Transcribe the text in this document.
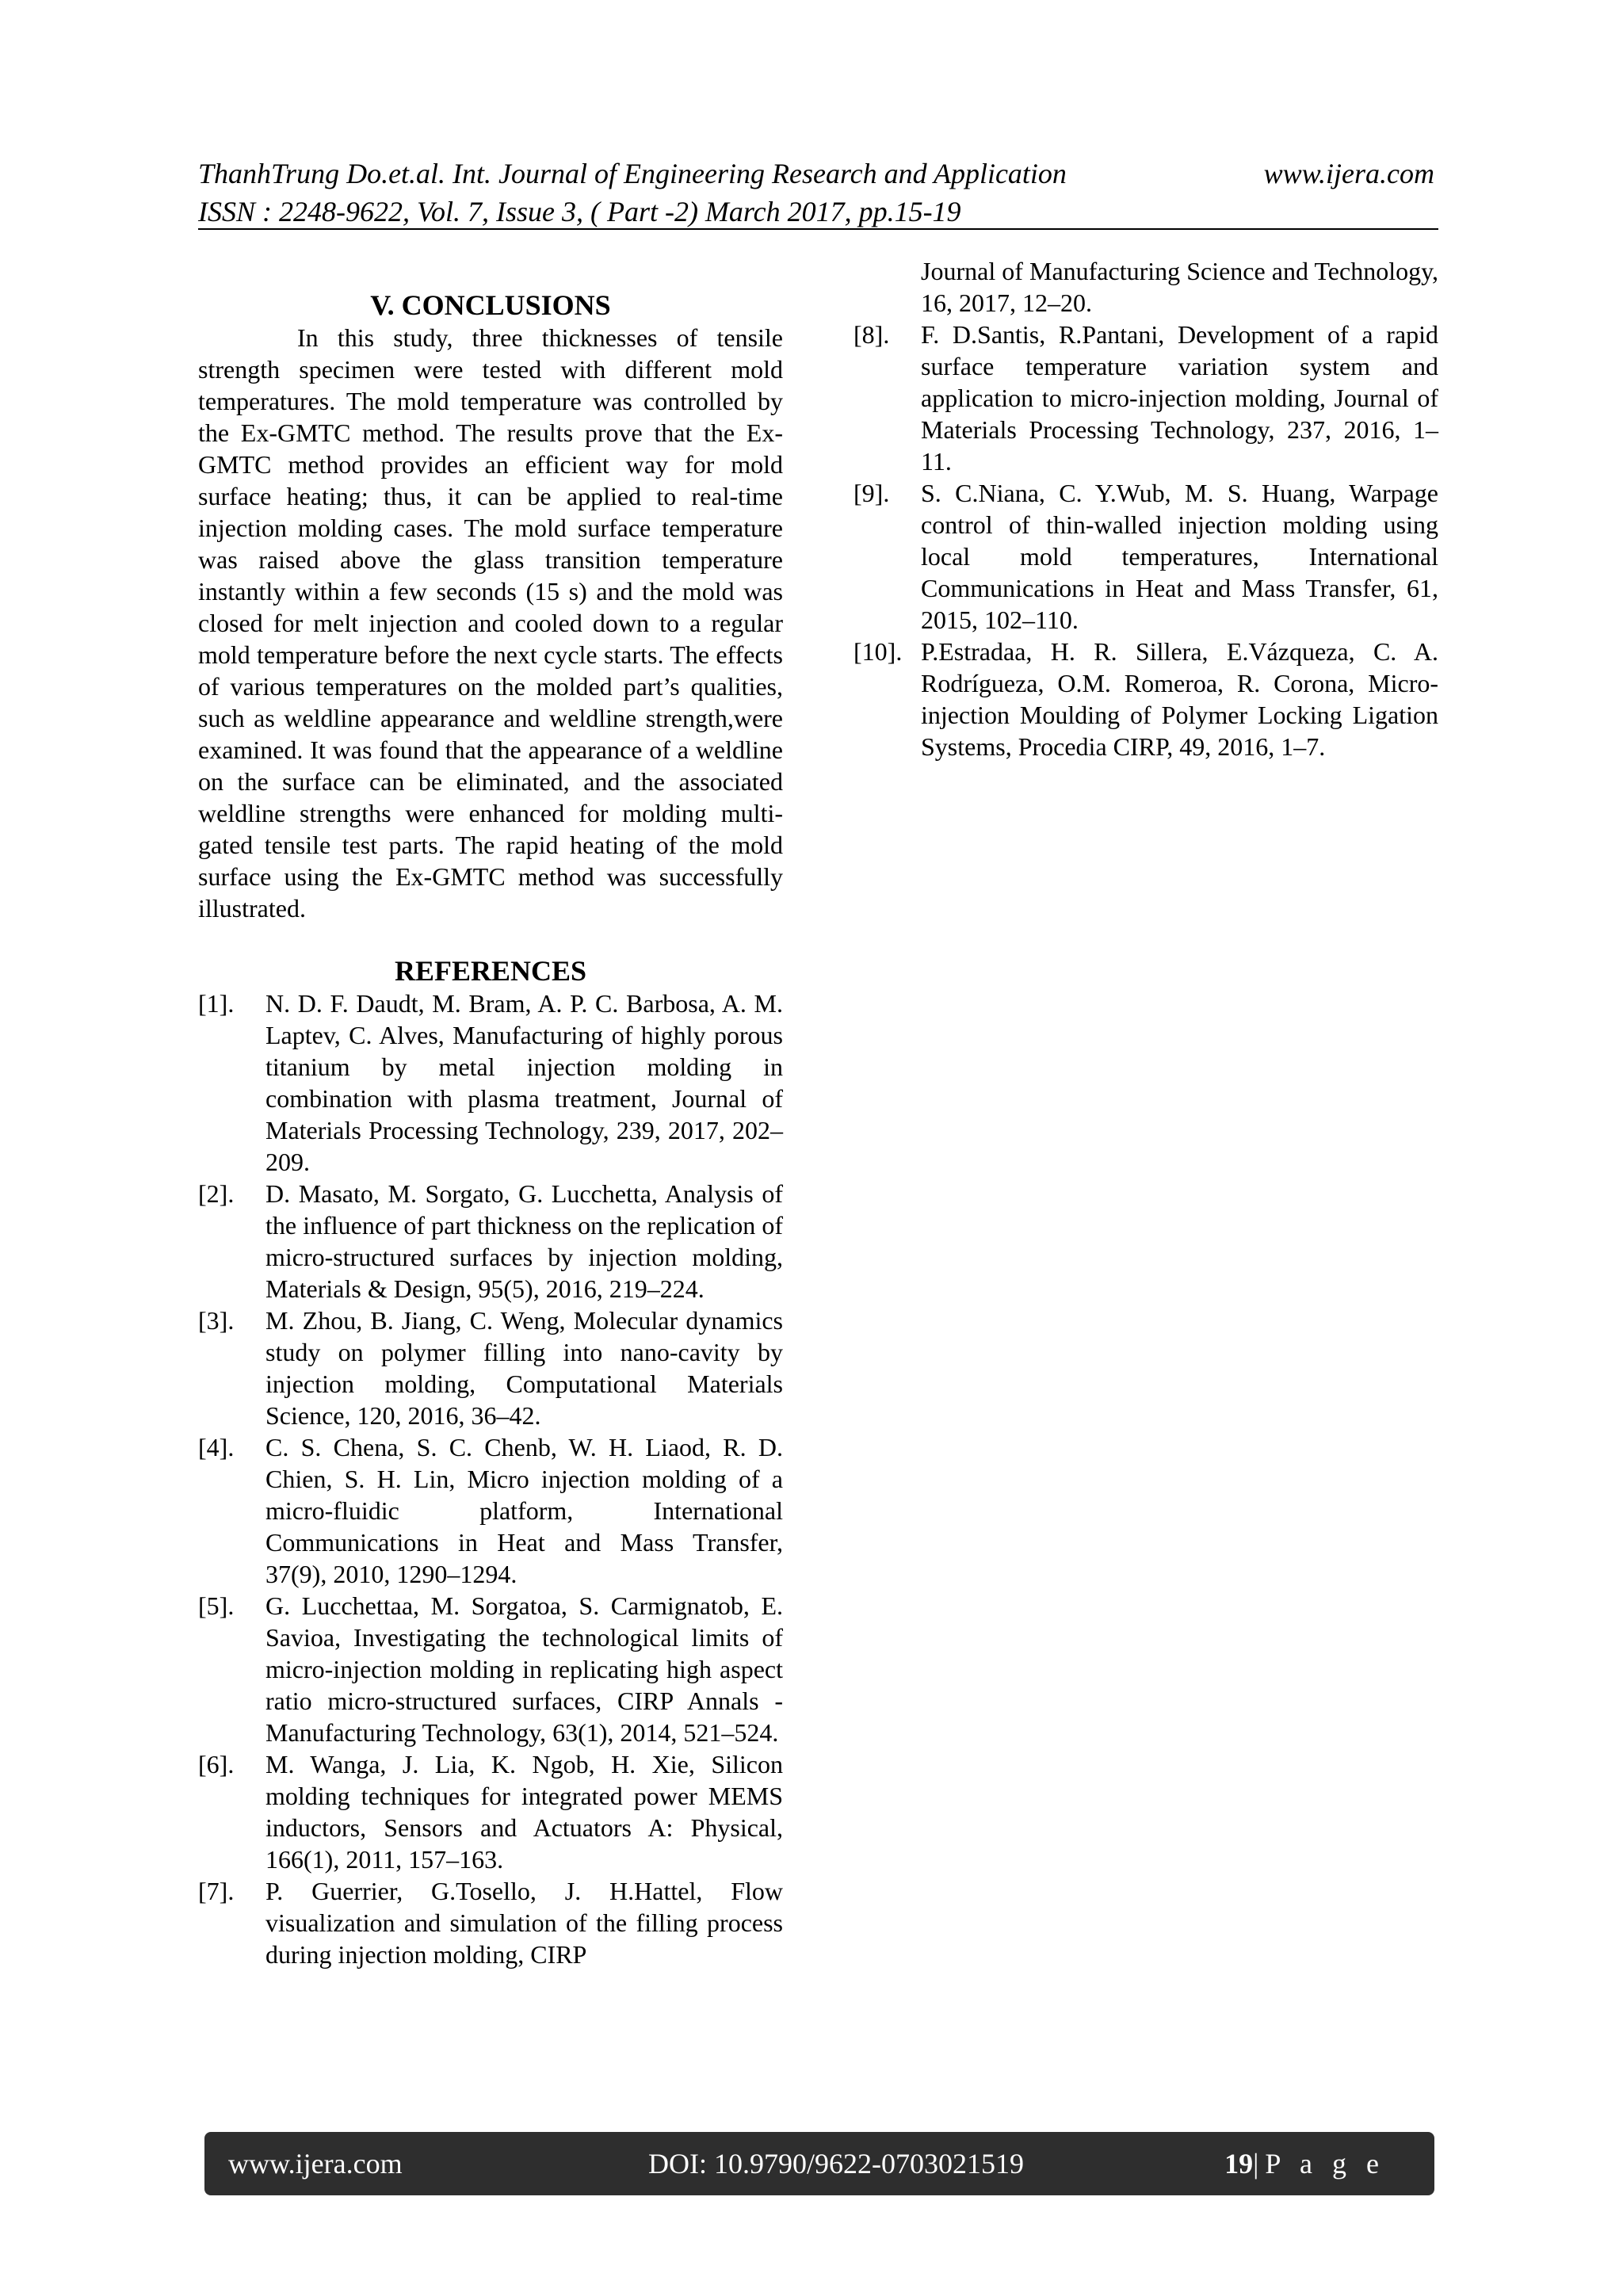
ThanhTrung Do.et.al. Int. Journal of Engineering Research and Application	www.ijera.com
ISSN : 2248-9622, Vol. 7, Issue 3, ( Part -2) March 2017, pp.15-19
V. CONCLUSIONS
In this study, three thicknesses of tensile strength specimen were tested with different mold temperatures. The mold temperature was controlled by the Ex-GMTC method. The results prove that the Ex-GMTC method provides an efficient way for mold surface heating; thus, it can be applied to real-time injection molding cases. The mold surface temperature was raised above the glass transition temperature instantly within a few seconds (15 s) and the mold was closed for melt injection and cooled down to a regular mold temperature before the next cycle starts. The effects of various temperatures on the molded part’s qualities, such as weldline appearance and weldline strength,were examined. It was found that the appearance of a weldline on the surface can be eliminated, and the associated weldline strengths were enhanced for molding multi-gated tensile test parts. The rapid heating of the mold surface using the Ex-GMTC method was successfully illustrated.
REFERENCES
[1].	N. D. F. Daudt, M. Bram, A. P. C. Barbosa, A. M. Laptev, C. Alves, Manufacturing of highly porous titanium by metal injection molding in combination with plasma treatment, Journal of Materials Processing Technology, 239, 2017, 202–209.
[2].	D. Masato, M. Sorgato, G. Lucchetta, Analysis of the influence of part thickness on the replication of micro-structured surfaces by injection molding, Materials & Design, 95(5), 2016, 219–224.
[3].	M. Zhou, B. Jiang, C. Weng, Molecular dynamics study on polymer filling into nano-cavity by injection molding, Computational Materials Science, 120, 2016, 36–42.
[4].	C. S. Chena, S. C. Chenb, W. H. Liaod, R. D. Chien, S. H. Lin, Micro injection molding of a micro-fluidic platform, International Communications in Heat and Mass Transfer, 37(9), 2010, 1290–1294.
[5].	G. Lucchettaa, M. Sorgatoa, S. Carmignatob, E. Savioa, Investigating the technological limits of micro-injection molding in replicating high aspect ratio micro-structured surfaces, CIRP Annals - Manufacturing Technology, 63(1), 2014, 521–524.
[6].	M. Wanga, J. Lia, K. Ngob, H. Xie, Silicon molding techniques for integrated power MEMS inductors, Sensors and Actuators A: Physical, 166(1), 2011, 157–163.
[7].	P. Guerrier, G.Tosello, J. H.Hattel, Flow visualization and simulation of the filling process during injection molding, CIRP
Journal of Manufacturing Science and Technology, 16, 2017, 12–20.
[8].	F. D.Santis, R.Pantani, Development of a rapid surface temperature variation system and application to micro-injection molding, Journal of Materials Processing Technology, 237, 2016, 1–11.
[9].	S. C.Niana, C. Y.Wub, M. S. Huang, Warpage control of thin-walled injection molding using local mold temperatures, International Communications in Heat and Mass Transfer, 61, 2015, 102–110.
[10]. P.Estradaa, H. R. Sillera, E.Vázqueza, C. A. Rodrígueza, O.M. Romeroa, R. Corona, Micro-injection Moulding of Polymer Locking Ligation Systems, Procedia CIRP, 49, 2016, 1–7.
www.ijera.com	DOI: 10.9790/9622-0703021519	19|P a g e
